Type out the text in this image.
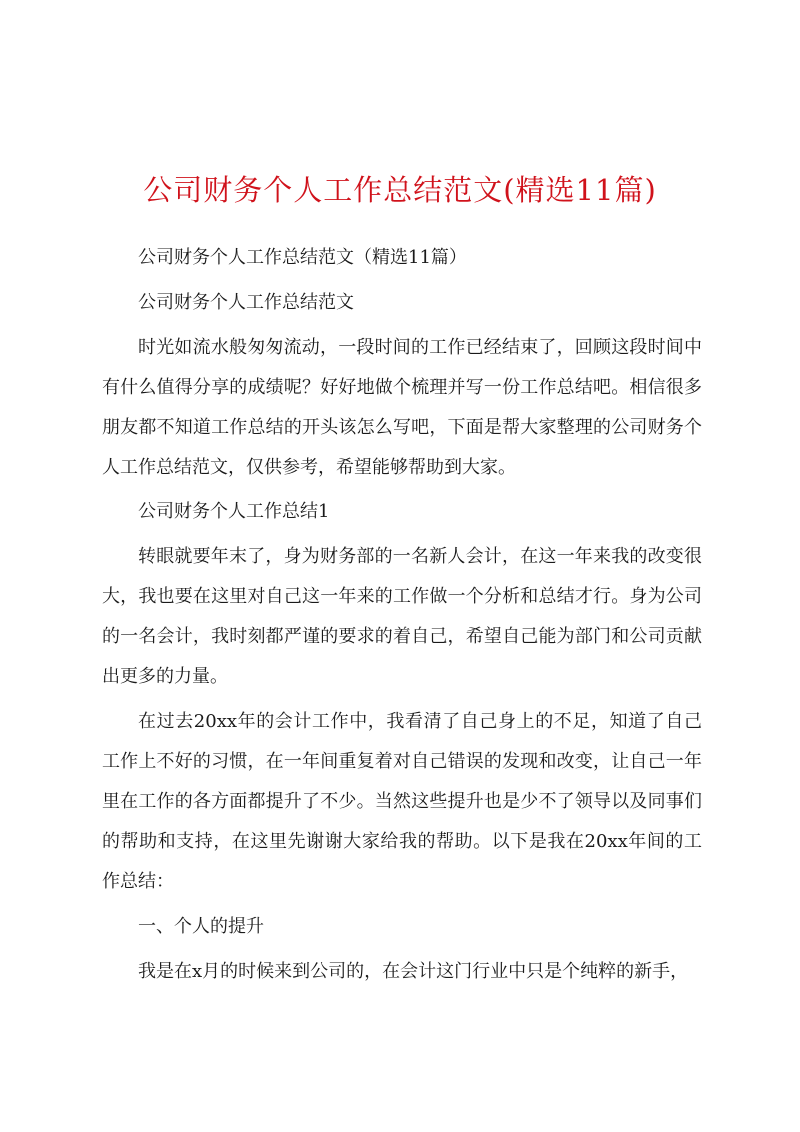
公司财务个人工作总结范文(精选11篇)

公司财务个人工作总结范文（精选11篇）

公司财务个人工作总结范文

时光如流水般匆匆流动，一段时间的工作已经结束了，回顾这段时间中有什么值得分享的成绩呢？好好地做个梳理并写一份工作总结吧。相信很多朋友都不知道工作总结的开头该怎么写吧，下面是帮大家整理的公司财务个人工作总结范文，仅供参考，希望能够帮助到大家。

公司财务个人工作总结1

转眼就要年末了，身为财务部的一名新人会计，在这一年来我的改变很大，我也要在这里对自己这一年来的工作做一个分析和总结才行。身为公司的一名会计，我时刻都严谨的要求的着自己，希望自己能为部门和公司贡献出更多的力量。

在过去20xx年的会计工作中，我看清了自己身上的不足，知道了自己工作上不好的习惯，在一年间重复着对自己错误的发现和改变，让自己一年里在工作的各方面都提升了不少。当然这些提升也是少不了领导以及同事们的帮助和支持，在这里先谢谢大家给我的帮助。以下是我在20xx年间的工作总结：

一、个人的提升

我是在x月的时候来到公司的，在会计这门行业中只是个纯粹的新手，
